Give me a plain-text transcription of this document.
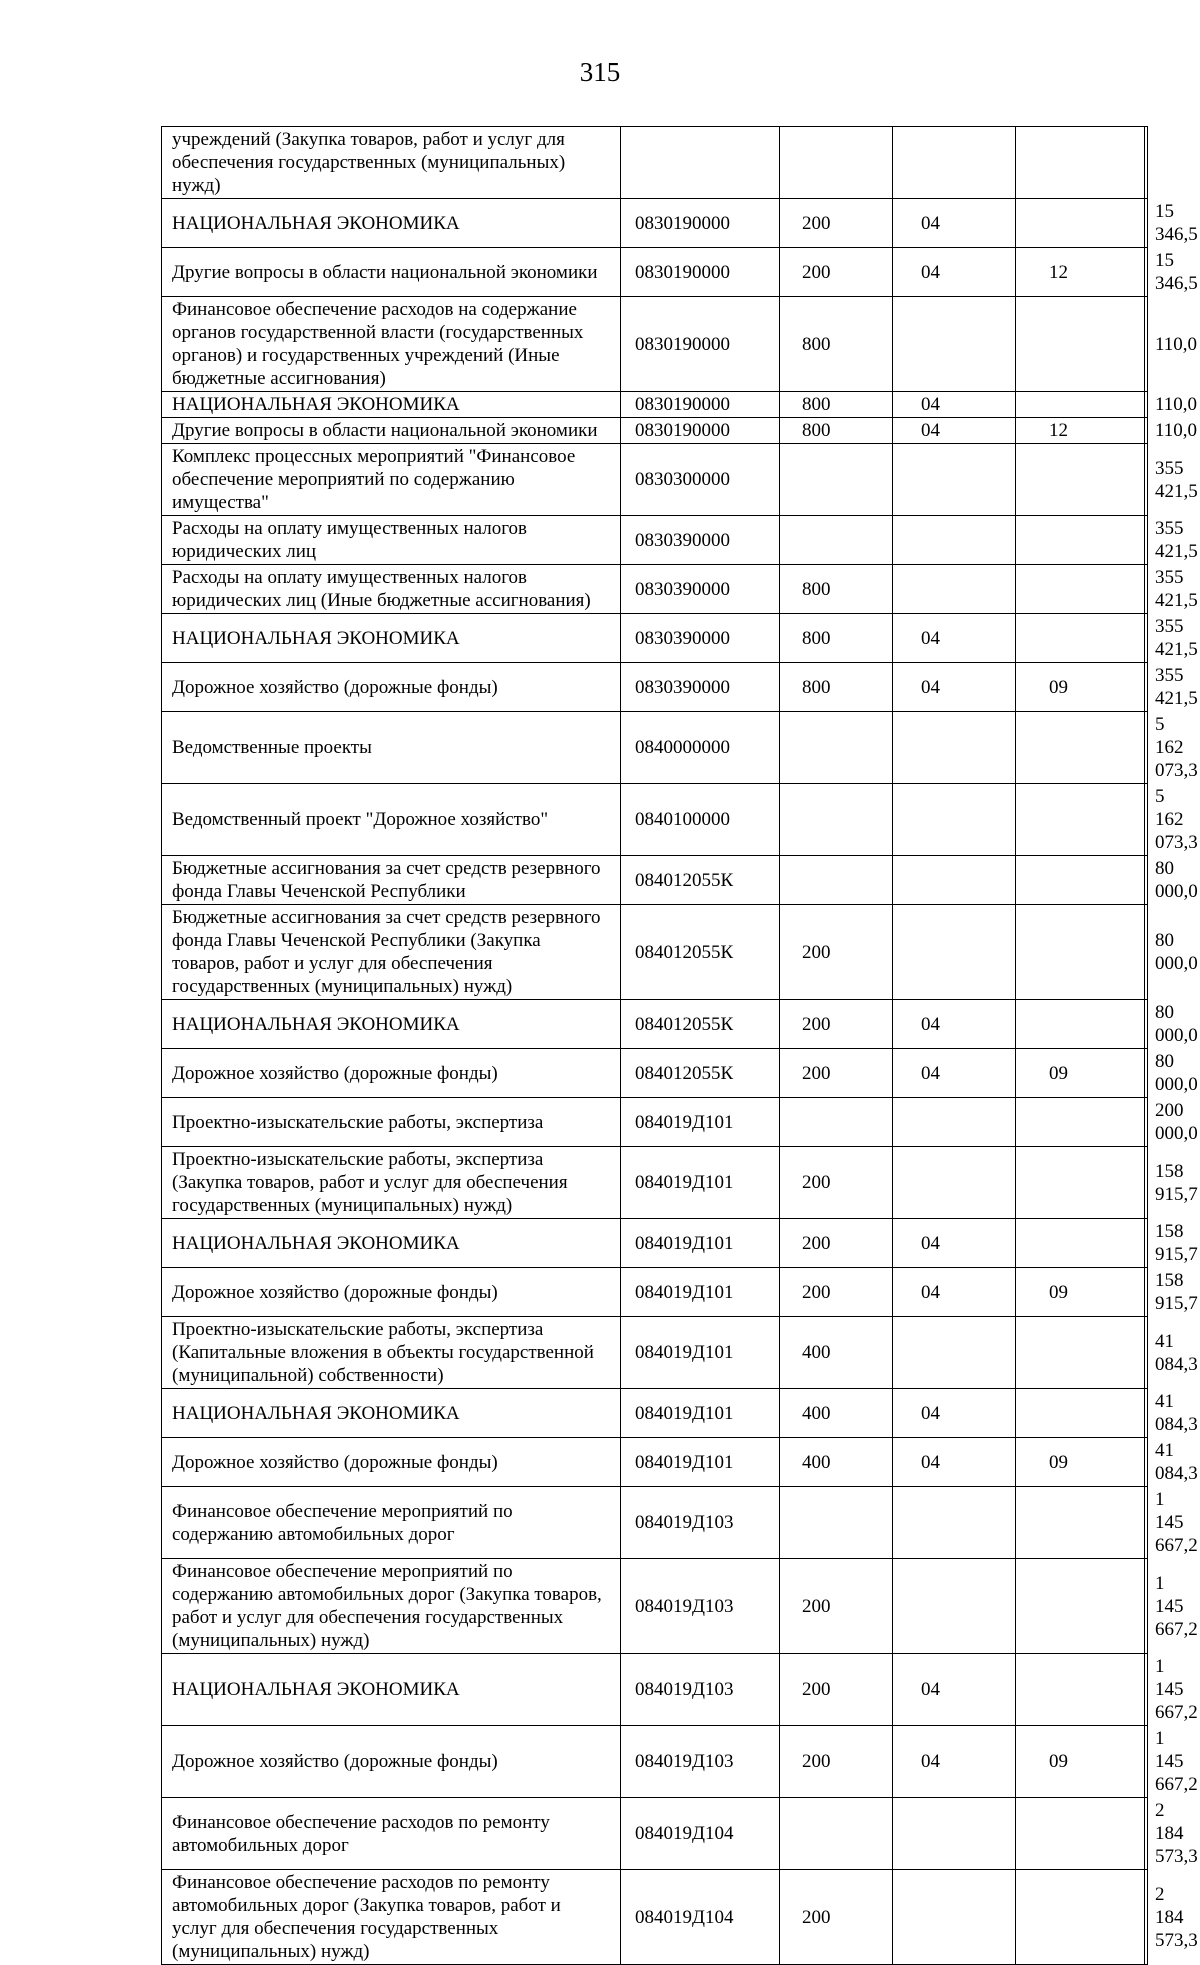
315
учреждений (Закупка товаров, работ и услуг для обеспечения государственных (муниципальных) нужд)					
НАЦИОНАЛЬНАЯ ЭКОНОМИКА	0830190000	200	04		15 346,5
Другие вопросы в области национальной экономики	0830190000	200	04	12	15 346,5
Финансовое обеспечение расходов на содержание органов государственной власти (государственных органов) и государственных учреждений (Иные бюджетные ассигнования)	0830190000	800			110,0
НАЦИОНАЛЬНАЯ ЭКОНОМИКА	0830190000	800	04		110,0
Другие вопросы в области национальной экономики	0830190000	800	04	12	110,0
Комплекс процессных мероприятий "Финансовое обеспечение мероприятий по содержанию имущества"	0830300000				355 421,5
Расходы на оплату имущественных налогов юридических лиц	0830390000				355 421,5
Расходы на оплату имущественных налогов юридических лиц (Иные бюджетные ассигнования)	0830390000	800			355 421,5
НАЦИОНАЛЬНАЯ ЭКОНОМИКА	0830390000	800	04		355 421,5
Дорожное хозяйство (дорожные фонды)	0830390000	800	04	09	355 421,5
Ведомственные проекты	0840000000				5 162 073,3
Ведомственный проект "Дорожное хозяйство"	0840100000				5 162 073,3
Бюджетные ассигнования за счет средств резервного фонда Главы Чеченской Республики	084012055К				80 000,0
Бюджетные ассигнования за счет средств резервного фонда Главы Чеченской Республики (Закупка товаров, работ и услуг для обеспечения государственных (муниципальных) нужд)	084012055К	200			80 000,0
НАЦИОНАЛЬНАЯ ЭКОНОМИКА	084012055К	200	04		80 000,0
Дорожное хозяйство (дорожные фонды)	084012055К	200	04	09	80 000,0
Проектно-изыскательские работы, экспертиза	084019Д101				200 000,0
Проектно-изыскательские работы, экспертиза (Закупка товаров, работ и услуг для обеспечения государственных (муниципальных) нужд)	084019Д101	200			158 915,7
НАЦИОНАЛЬНАЯ ЭКОНОМИКА	084019Д101	200	04		158 915,7
Дорожное хозяйство (дорожные фонды)	084019Д101	200	04	09	158 915,7
Проектно-изыскательские работы, экспертиза (Капитальные вложения в объекты государственной (муниципальной) собственности)	084019Д101	400			41 084,3
НАЦИОНАЛЬНАЯ ЭКОНОМИКА	084019Д101	400	04		41 084,3
Дорожное хозяйство (дорожные фонды)	084019Д101	400	04	09	41 084,3
Финансовое обеспечение мероприятий по содержанию автомобильных дорог	084019Д103				1 145 667,2
Финансовое обеспечение мероприятий по содержанию автомобильных дорог (Закупка товаров, работ и услуг для обеспечения государственных (муниципальных) нужд)	084019Д103	200			1 145 667,2
НАЦИОНАЛЬНАЯ ЭКОНОМИКА	084019Д103	200	04		1 145 667,2
Дорожное хозяйство (дорожные фонды)	084019Д103	200	04	09	1 145 667,2
Финансовое обеспечение расходов по ремонту автомобильных дорог	084019Д104				2 184 573,3
Финансовое обеспечение расходов по ремонту автомобильных дорог (Закупка товаров, работ и услуг для обеспечения государственных (муниципальных) нужд)	084019Д104	200			2 184 573,3
